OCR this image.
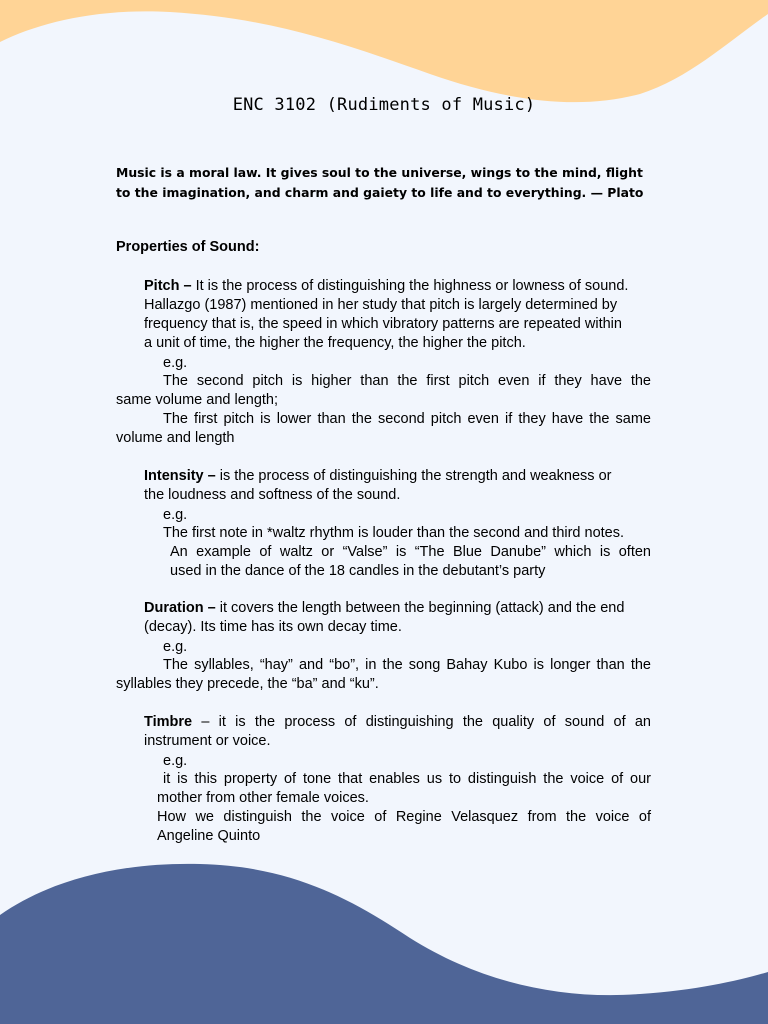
ENC 3102 (Rudiments of Music)
Music is a moral law. It gives soul to the universe, wings to the mind, flight to the imagination, and charm and gaiety to life and to everything. — Plato
Properties of Sound:
Pitch – It is the process of distinguishing the highness or lowness of sound.
Hallazgo (1987) mentioned in her study that pitch is largely determined by
frequency that is, the speed in which vibratory patterns are repeated within
a unit of time, the higher the frequency, the higher the pitch.
e.g.
The second pitch is higher than the first pitch even if they have the
same volume and length;
The first pitch is lower than the second pitch even if they have the same
volume and length
Intensity – is the process of distinguishing the strength and weakness or
the loudness and softness of the sound.
e.g.
The first note in *waltz rhythm is louder than the second and third notes.
An example of waltz or “Valse” is “The Blue Danube” which is often
used in the dance of the 18 candles in the debutant’s party
Duration – it covers the length between the beginning (attack) and the end
(decay). Its time has its own decay time.
e.g.
The syllables, “hay” and “bo”, in the song Bahay Kubo is longer than the
syllables they precede, the “ba” and “ku”.
Timbre – it is the process of distinguishing the quality of sound of an
instrument or voice.
e.g.
it is this property of tone that enables us to distinguish the voice of our
mother from other female voices.
How we distinguish the voice of Regine Velasquez from the voice of
Angeline Quinto
